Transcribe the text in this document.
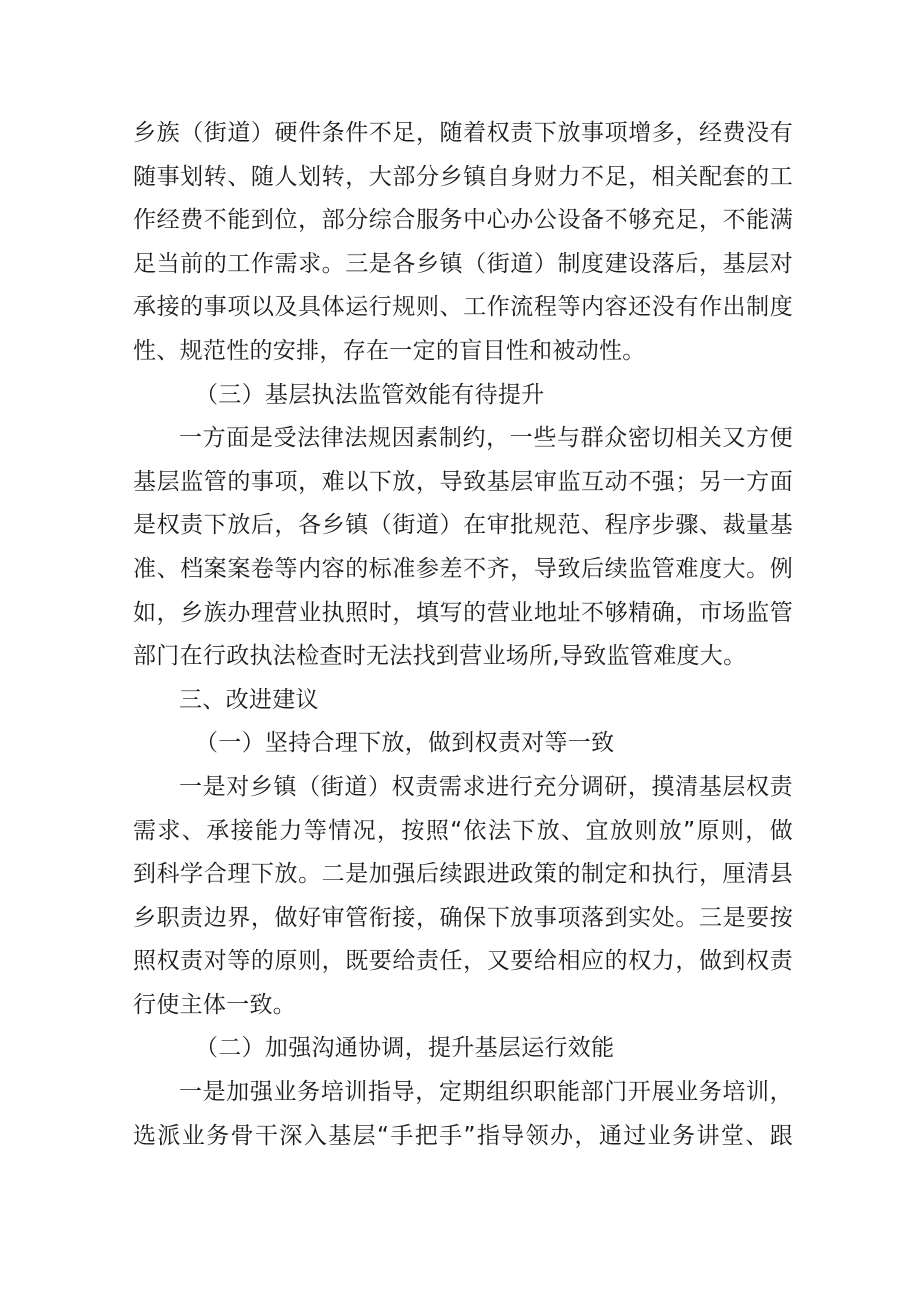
乡族（街道）硬件条件不足，随着权责下放事项增多，经费没有
随事划转、随人划转，大部分乡镇自身财力不足，相关配套的工
作经费不能到位，部分综合服务中心办公设备不够充足，不能满
足当前的工作需求。三是各乡镇（街道）制度建设落后，基层对
承接的事项以及具体运行规则、工作流程等内容还没有作出制度
性、规范性的安排，存在一定的盲目性和被动性。
（三）基层执法监管效能有待提升
一方面是受法律法规因素制约，一些与群众密切相关又方便
基层监管的事项，难以下放，导致基层审监互动不强；另一方面
是权责下放后，各乡镇（街道）在审批规范、程序步骤、裁量基
准、档案案卷等内容的标准参差不齐，导致后续监管难度大。例
如，乡族办理营业执照时，填写的营业地址不够精确，市场监管
部门在行政执法检查时无法找到营业场所,导致监管难度大。
三、改进建议
（一）坚持合理下放，做到权责对等一致
一是对乡镇（街道）权责需求进行充分调研，摸清基层权责
需求、承接能力等情况，按照“依法下放、宜放则放”原则，做
到科学合理下放。二是加强后续跟进政策的制定和执行，厘清县
乡职责边界，做好审管衔接，确保下放事项落到实处。三是要按
照权责对等的原则，既要给责任，又要给相应的权力，做到权责
行使主体一致。
（二）加强沟通协调，提升基层运行效能
一是加强业务培训指导，定期组织职能部门开展业务培训，
选派业务骨干深入基层“手把手”指导领办，通过业务讲堂、跟
